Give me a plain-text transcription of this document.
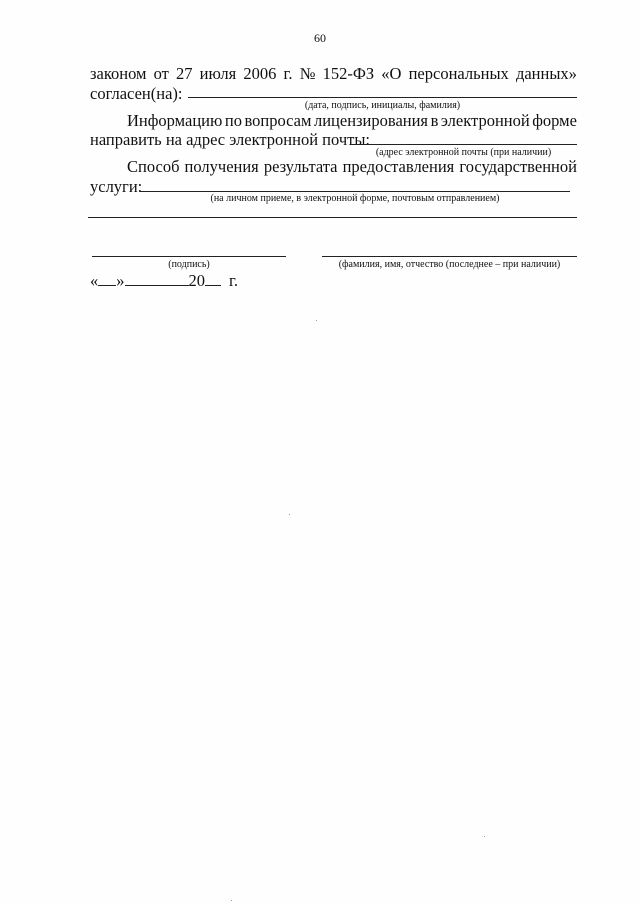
60
законом от 27 июля 2006 г. № 152-ФЗ «О персональных данных»
согласен(на):
(дата, подпись, инициалы, фамилия)
Информацию по вопросам лицензирования в электронной форме
направить на адрес электронной почты:
(адрес электронной почты (при наличии)
Способ получения результата предоставления государственной
услуги:
(на личном приеме, в электронной форме, почтовым отправлением)
(подпись)	(фамилия, имя, отчество (последнее – при наличии)
« »	20 г.
